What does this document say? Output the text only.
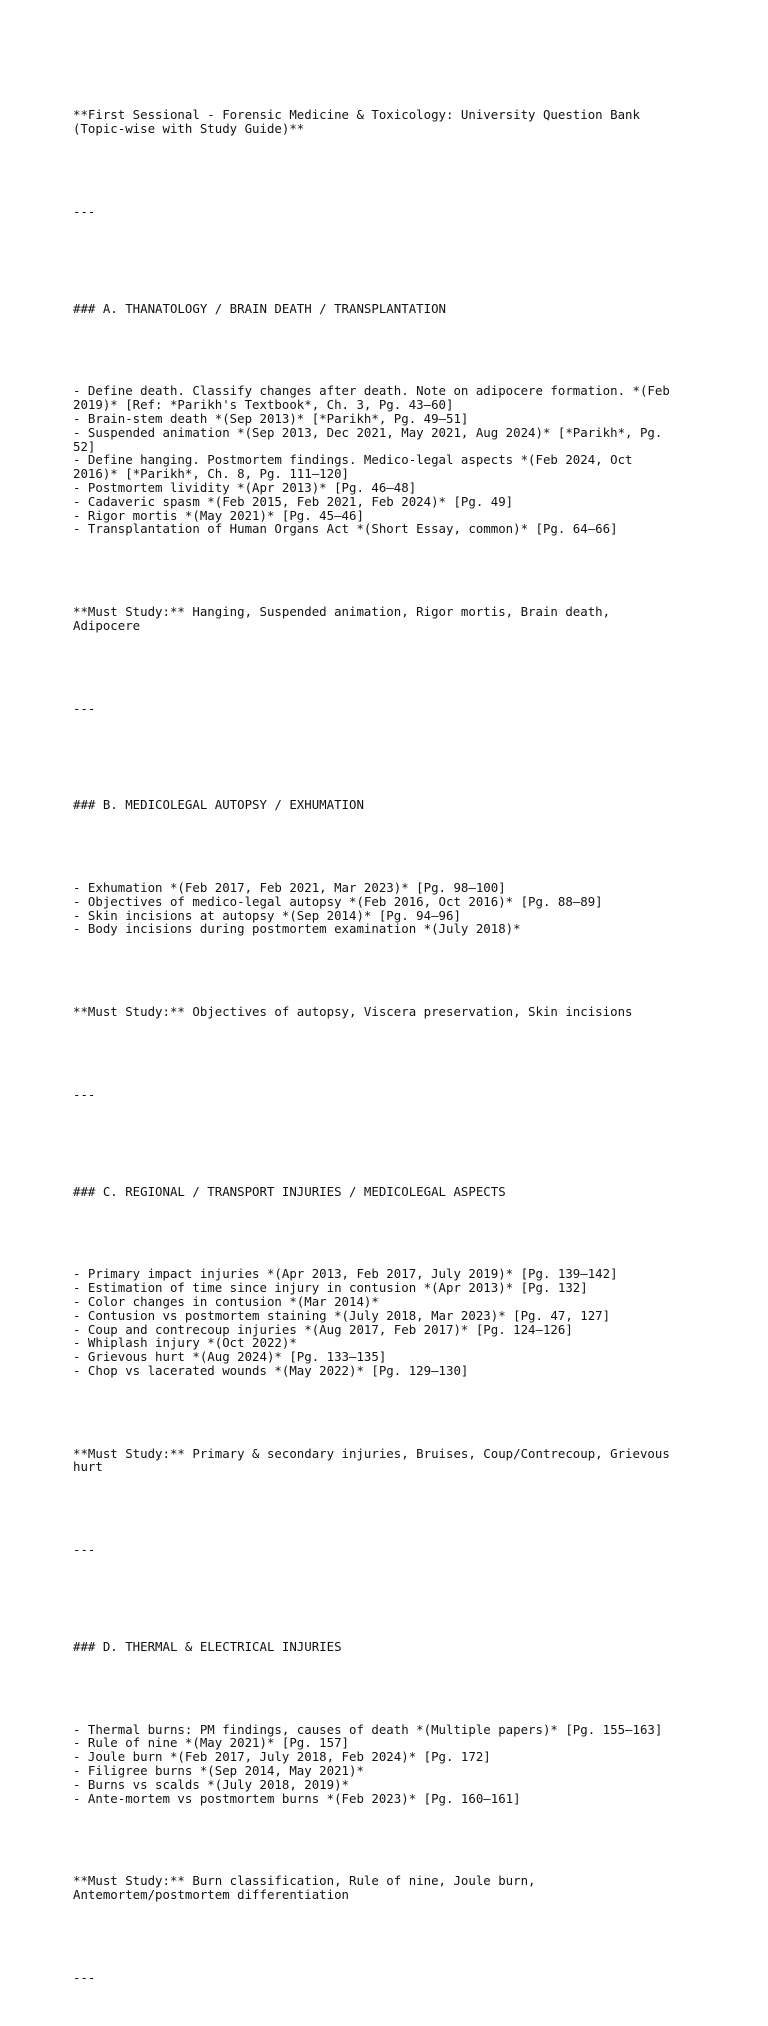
**First Sessional - Forensic Medicine & Toxicology: University Question Bank
(Topic-wise with Study Guide)**

---

### A. THANATOLOGY / BRAIN DEATH / TRANSPLANTATION

- Define death. Classify changes after death. Note on adipocere formation. *(Feb
2019)* [Ref: *Parikh's Textbook*, Ch. 3, Pg. 43–60]
- Brain-stem death *(Sep 2013)* [*Parikh*, Pg. 49–51]
- Suspended animation *(Sep 2013, Dec 2021, May 2021, Aug 2024)* [*Parikh*, Pg.
52]
- Define hanging. Postmortem findings. Medico-legal aspects *(Feb 2024, Oct
2016)* [*Parikh*, Ch. 8, Pg. 111–120]
- Postmortem lividity *(Apr 2013)* [Pg. 46–48]
- Cadaveric spasm *(Feb 2015, Feb 2021, Feb 2024)* [Pg. 49]
- Rigor mortis *(May 2021)* [Pg. 45–46]
- Transplantation of Human Organs Act *(Short Essay, common)* [Pg. 64–66]

**Must Study:** Hanging, Suspended animation, Rigor mortis, Brain death,
Adipocere

---

### B. MEDICOLEGAL AUTOPSY / EXHUMATION

- Exhumation *(Feb 2017, Feb 2021, Mar 2023)* [Pg. 98–100]
- Objectives of medico-legal autopsy *(Feb 2016, Oct 2016)* [Pg. 88–89]
- Skin incisions at autopsy *(Sep 2014)* [Pg. 94–96]
- Body incisions during postmortem examination *(July 2018)*

**Must Study:** Objectives of autopsy, Viscera preservation, Skin incisions

---

### C. REGIONAL / TRANSPORT INJURIES / MEDICOLEGAL ASPECTS

- Primary impact injuries *(Apr 2013, Feb 2017, July 2019)* [Pg. 139–142]
- Estimation of time since injury in contusion *(Apr 2013)* [Pg. 132]
- Color changes in contusion *(Mar 2014)*
- Contusion vs postmortem staining *(July 2018, Mar 2023)* [Pg. 47, 127]
- Coup and contrecoup injuries *(Aug 2017, Feb 2017)* [Pg. 124–126]
- Whiplash injury *(Oct 2022)*
- Grievous hurt *(Aug 2024)* [Pg. 133–135]
- Chop vs lacerated wounds *(May 2022)* [Pg. 129–130]

**Must Study:** Primary & secondary injuries, Bruises, Coup/Contrecoup, Grievous
hurt

---

### D. THERMAL & ELECTRICAL INJURIES

- Thermal burns: PM findings, causes of death *(Multiple papers)* [Pg. 155–163]
- Rule of nine *(May 2021)* [Pg. 157]
- Joule burn *(Feb 2017, July 2018, Feb 2024)* [Pg. 172]
- Filigree burns *(Sep 2014, May 2021)*
- Burns vs scalds *(July 2018, 2019)*
- Ante-mortem vs postmortem burns *(Feb 2023)* [Pg. 160–161]

**Must Study:** Burn classification, Rule of nine, Joule burn,
Antemortem/postmortem differentiation

---
